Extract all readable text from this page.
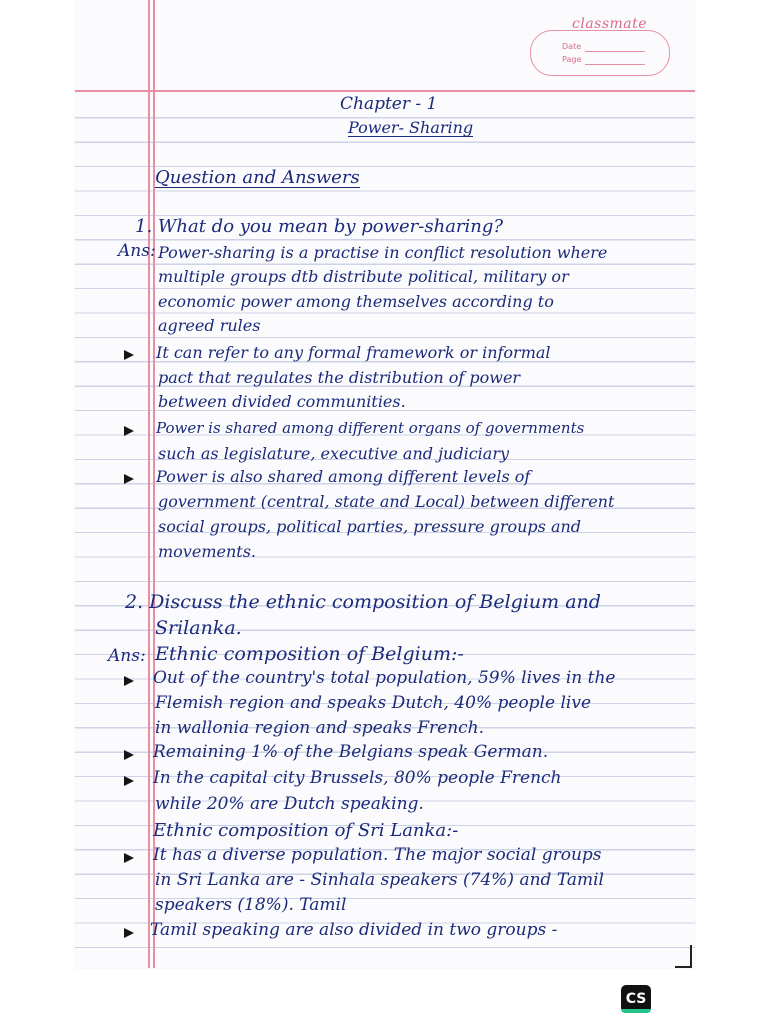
classmate
Date
Page
Chapter - 1
Power- Sharing
Question and Answers
1. What do you mean by power-sharing?
Ans: Power-sharing is a practise in conflict resolution where
multiple groups dtb distribute political, military or
economic power among themselves according to
agreed rules
It can refer to any formal framework or informal
pact that regulates the distribution of power
between divided communities.
Power is shared among different organs of governments
such as legislature, executive and judiciary
Power is also shared among different levels of
government (central, state and Local) between different
social groups, political parties, pressure groups and
movements.
2. Discuss the ethnic composition of Belgium and
Srilanka.
Ans: Ethnic composition of Belgium:-
Out of the country's total population, 59% lives in the
Flemish region and speaks Dutch, 40% people live
in wallonia region and speaks French.
Remaining 1% of the Belgians speak German.
In the capital city Brussels, 80% people French
while 20% are Dutch speaking.
Ethnic composition of Sri Lanka:-
It has a diverse population. The major social groups
in Sri Lanka are - Sinhala speakers (74%) and Tamil
speakers (18%). Tamil
Tamil speaking are also divided in two groups -
CS
